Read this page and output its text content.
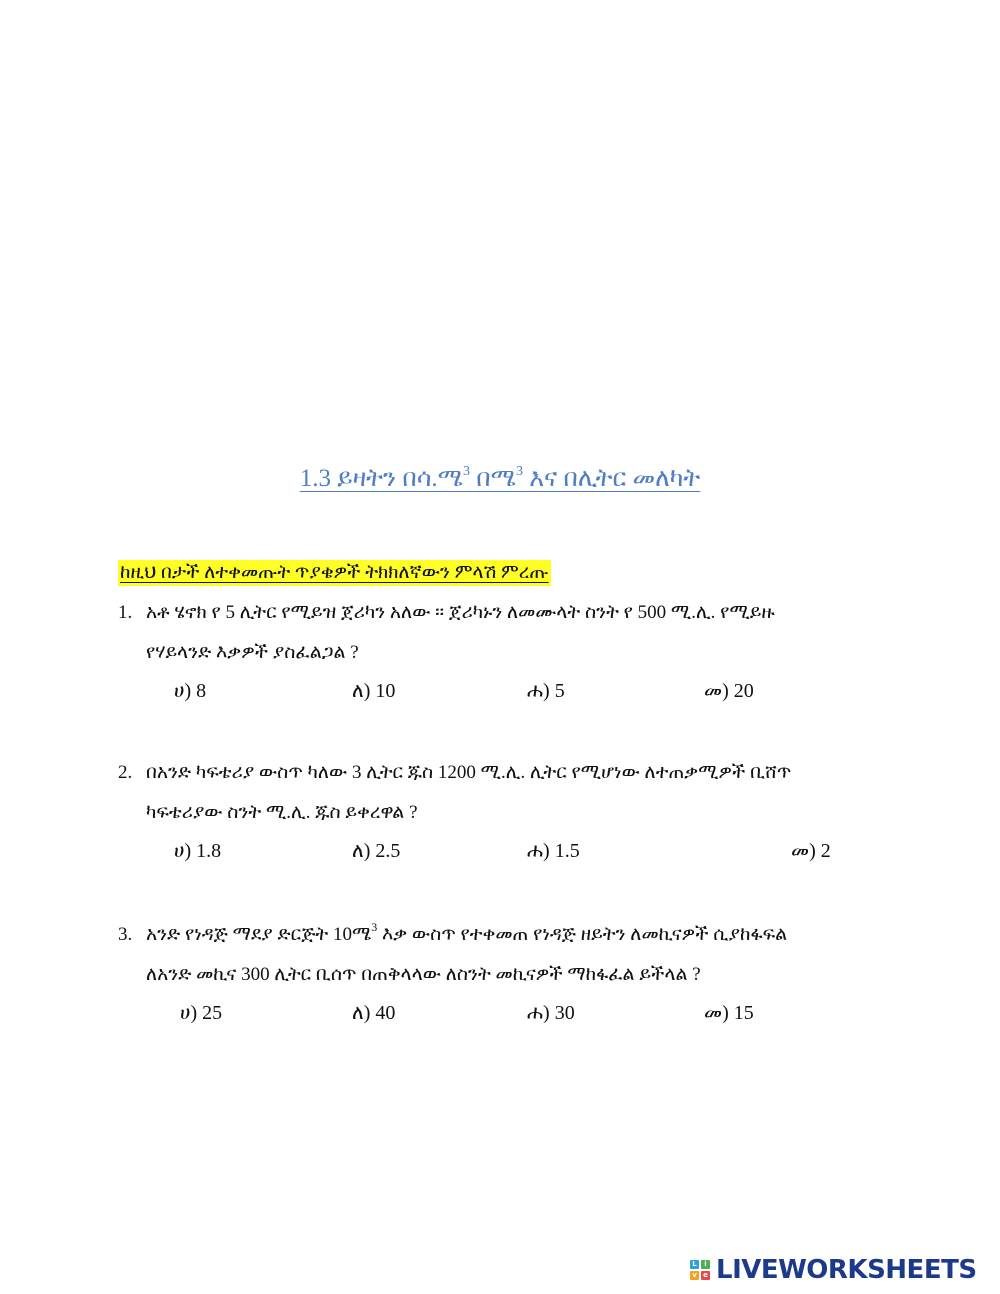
1.3 ይዛትን በሳ.ሜ$^3$ በሜ$^3$ እና በሊትር መለካት
ከዚህ በታች ለተቀመጡት ጥያቄዎች ትክክለኛውን ምላሽ ምረጡ
1. አቶ ሄኖክ የ 5 ሊትር የሚይዝ ጀሪካን አለው ፡፡ ጀሪካኑን ለመሙላት ስንት የ 500 ሚ.ሊ. የሚይዙ
የሃይላንድ እቃዎች ያስፈልጋል ?
ሀ) 8	ለ) 10	ሐ) 5	መ) 20
2. በአንድ ካፍቴሪያ ውስጥ ካለው 3 ሊትር ጁስ 1200 ሚ.ሊ. ሊትር የሚሆነው ለተጠቃሚዎች ቢሸጥ
ካፍቴሪያው ስንት ሚ.ሊ. ጁስ ይቀረዋል ?
ሀ) 1.8	ለ) 2.5	ሐ) 1.5	መ) 2
3. አንድ የነዳጅ ማደያ ድርጅት 10ሜ$^3$ እቃ ውስጥ የተቀመጠ የነዳጅ ዘይትን ለመኪናዎች ሲያከፋፍል
ለአንድ መኪና 300 ሊትር ቢሰጥ በጠቅላላው ለስንት መኪናዎች ማከፋፈል ይችላል ?
ሀ) 25	ለ) 40	ሐ) 30	መ) 15
L	i
v e LIVEWORKSHEETS
